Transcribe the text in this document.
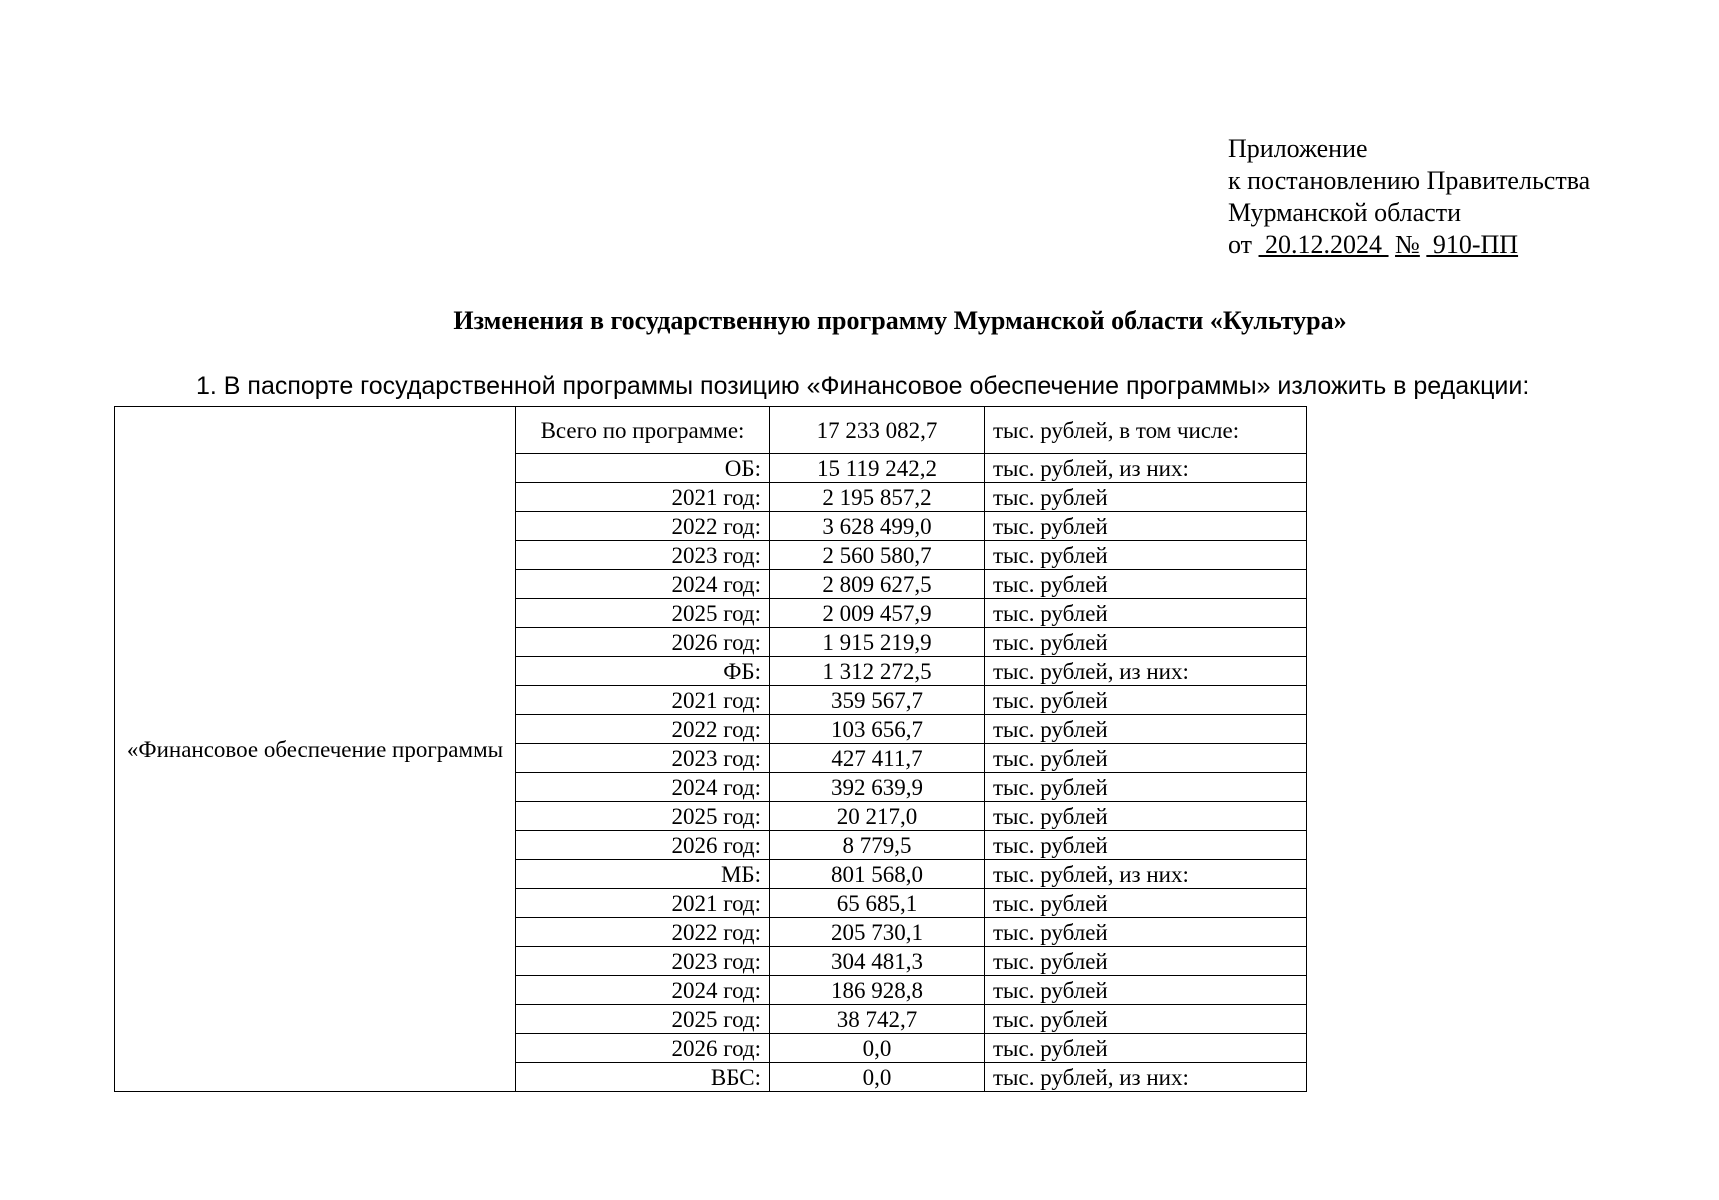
Приложение
к постановлению Правительства
Мурманской области
от  20.12.2024  №  910-ПП
Изменения в государственную программу Мурманской области «Культура»
1. В паспорте государственной программы позицию «Финансовое обеспечение программы» изложить в редакции:
«Финансовое обеспечение программы	Всего по программе:	17 233 082,7	тыс. рублей, в том числе:
	ОБ:	15 119 242,2	тыс. рублей, из них:
	2021 год:	2 195 857,2	тыс. рублей
	2022 год:	3 628 499,0	тыс. рублей
	2023 год:	2 560 580,7	тыс. рублей
	2024 год:	2 809 627,5	тыс. рублей
	2025 год:	2 009 457,9	тыс. рублей
	2026 год:	1 915 219,9	тыс. рублей
	ФБ:	1 312 272,5	тыс. рублей, из них:
	2021 год:	359 567,7	тыс. рублей
	2022 год:	103 656,7	тыс. рублей
	2023 год:	427 411,7	тыс. рублей
	2024 год:	392 639,9	тыс. рублей
	2025 год:	20 217,0	тыс. рублей
	2026 год:	8 779,5	тыс. рублей
	МБ:	801 568,0	тыс. рублей, из них:
	2021 год:	65 685,1	тыс. рублей
	2022 год:	205 730,1	тыс. рублей
	2023 год:	304 481,3	тыс. рублей
	2024 год:	186 928,8	тыс. рублей
	2025 год:	38 742,7	тыс. рублей
	2026 год:	0,0	тыс. рублей
	ВБС:	0,0	тыс. рублей, из них:
